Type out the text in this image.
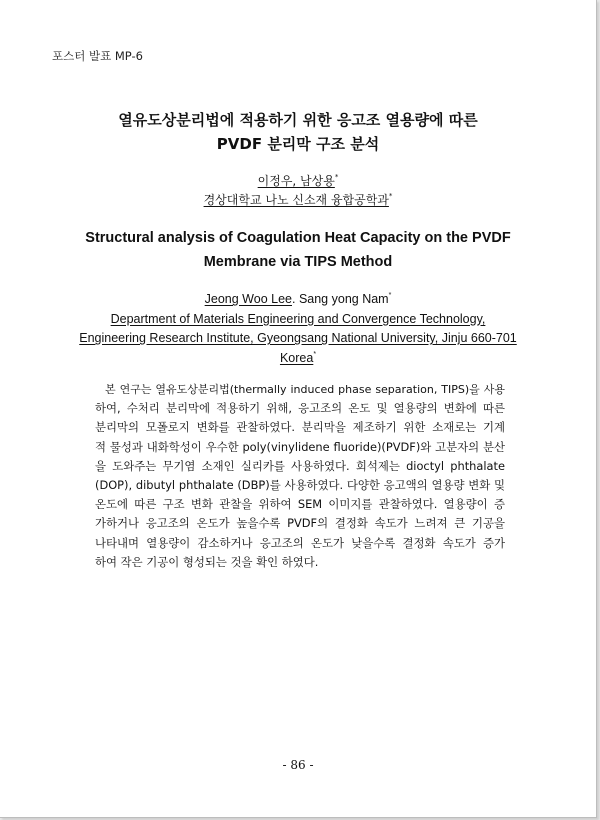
포스터 발표 MP-6
열유도상분리법에 적용하기 위한 응고조 열용량에 따른
PVDF 분리막 구조 분석
이정우, 남상용*
경상대학교 나노 신소재 융합공학과*
Structural analysis of Coagulation Heat Capacity on the PVDF
Membrane via TIPS Method
Jeong Woo Lee. Sang yong Nam*
Department of Materials Engineering and Convergence Technology,
Engineering Research Institute, Gyeongsang National University, Jinju 660-701
Korea*
본 연구는 열유도상분리법(thermally induced phase separation, TIPS)을 사용
하여, 수처리 분리막에 적용하기 위해, 응고조의 온도 및 열용량의 변화에 따른
분리막의 모폴로지 변화를 관찰하였다. 분리막을 제조하기 위한 소재로는 기계
적 물성과 내화학성이 우수한 poly(vinylidene fluoride)(PVDF)와 고분자의 분산
을 도와주는 무기염 소재인 실리카를 사용하였다. 희석제는 dioctyl phthalate
(DOP), dibutyl phthalate (DBP)를 사용하였다. 다양한 응고액의 열용량 변화 및
온도에 따른 구조 변화 관찰을 위하여 SEM 이미지를 관찰하였다. 열용량이 증
가하거나 응고조의 온도가 높을수록 PVDF의 결정화 속도가 느려져 큰 기공을
나타내며 열용량이 감소하거나 응고조의 온도가 낮을수록 결정화 속도가 증가
하여 작은 기공이 형성되는 것을 확인 하였다.
- 86 -
